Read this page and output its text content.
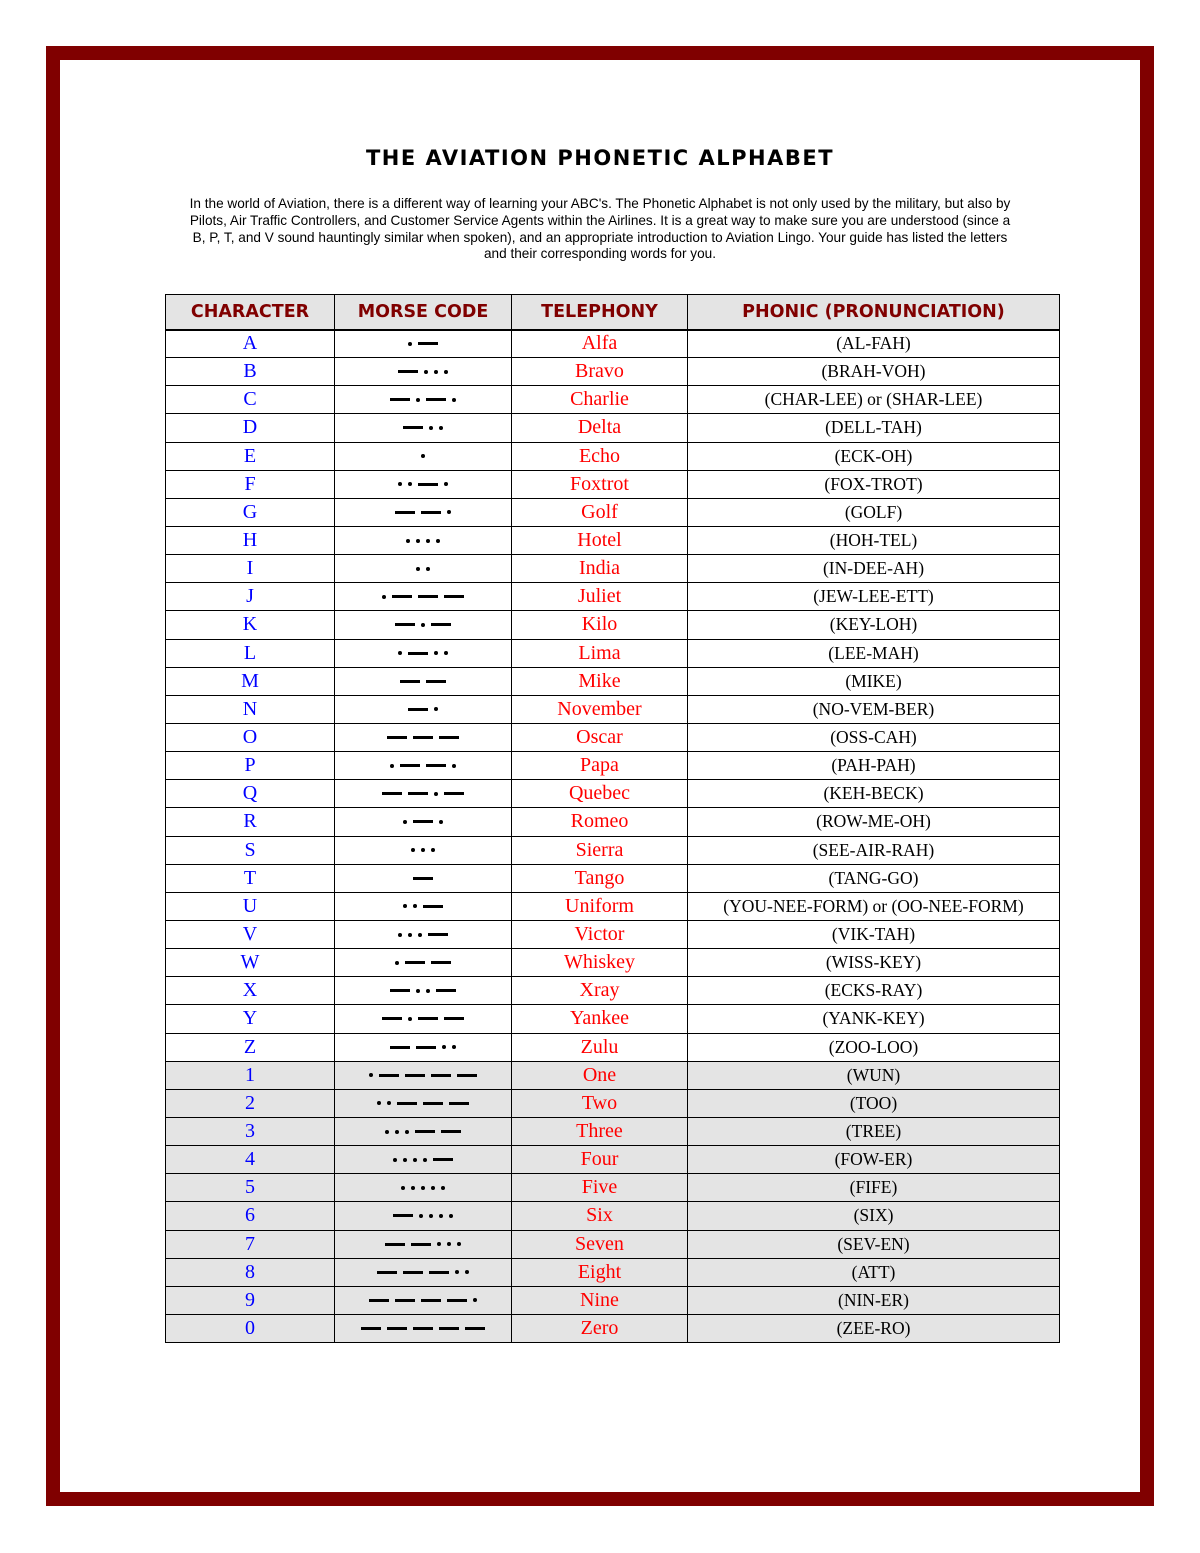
THE AVIATION PHONETIC ALPHABET
In the world of Aviation, there is a different way of learning your ABC's. The Phonetic Alphabet is not only used by the military, but also by Pilots, Air Traffic Controllers, and Customer Service Agents within the Airlines. It is a great way to make sure you are understood (since a B, P, T, and V sound hauntingly similar when spoken), and an appropriate introduction to Aviation Lingo. Your guide has listed the letters and their corresponding words for you.
CHARACTER	MORSE CODE	TELEPHONY	PHONIC (PRONUNCIATION)
A		Alfa	(AL-FAH)
B		Bravo	(BRAH-VOH)
C		Charlie	(CHAR-LEE) or (SHAR-LEE)
D		Delta	(DELL-TAH)
E		Echo	(ECK-OH)
F		Foxtrot	(FOX-TROT)
G		Golf	(GOLF)
H		Hotel	(HOH-TEL)
I		India	(IN-DEE-AH)
J		Juliet	(JEW-LEE-ETT)
K		Kilo	(KEY-LOH)
L		Lima	(LEE-MAH)
M		Mike	(MIKE)
N		November	(NO-VEM-BER)
O		Oscar	(OSS-CAH)
P		Papa	(PAH-PAH)
Q		Quebec	(KEH-BECK)
R		Romeo	(ROW-ME-OH)
S		Sierra	(SEE-AIR-RAH)
T		Tango	(TANG-GO)
U		Uniform	(YOU-NEE-FORM) or (OO-NEE-FORM)
V		Victor	(VIK-TAH)
W		Whiskey	(WISS-KEY)
X		Xray	(ECKS-RAY)
Y		Yankee	(YANK-KEY)
Z		Zulu	(ZOO-LOO)
1		One	(WUN)
2		Two	(TOO)
3		Three	(TREE)
4		Four	(FOW-ER)
5		Five	(FIFE)
6		Six	(SIX)
7		Seven	(SEV-EN)
8		Eight	(ATT)
9		Nine	(NIN-ER)
0		Zero	(ZEE-RO)
